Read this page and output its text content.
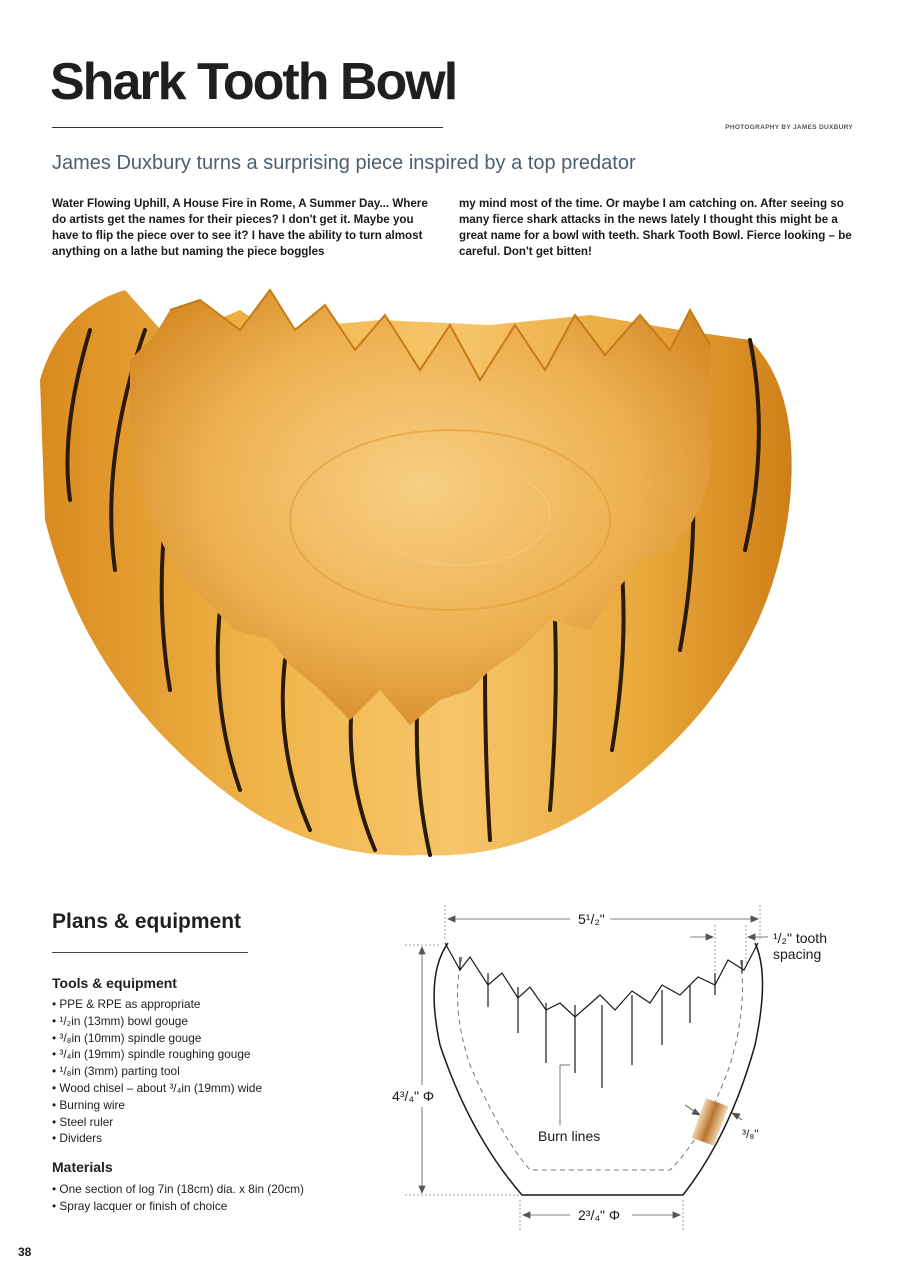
Shark Tooth Bowl
PHOTOGRAPHY BY JAMES DUXBURY
James Duxbury turns a surprising piece inspired by a top predator
Water Flowing Uphill, A House Fire in Rome, A Summer Day... Where do artists get the names for their pieces? I don't get it. Maybe you have to flip the piece over to see it? I have the ability to turn almost anything on a lathe but naming the piece boggles
my mind most of the time. Or maybe I am catching on. After seeing so many fierce shark attacks in the news lately I thought this might be a great name for a bowl with teeth. Shark Tooth Bowl. Fierce looking – be careful. Don't get bitten!
Plans & equipment
Tools & equipment
• PPE & RPE as appropriate
• ¹/₂in (13mm) bowl gouge
• ³/₈in (10mm) spindle gouge
• ³/₄in (19mm) spindle roughing gouge
• ¹/₈in (3mm) parting tool
• Wood chisel – about ³/₄in (19mm) wide
• Burning wire
• Steel ruler
• Dividers
Materials
• One section of log 7in (18cm) dia. x 8in (20cm)
• Spray lacquer or finish of choice
5¹/₂"
¹/₂" tooth
spacing
4³/₄" Φ
Burn lines	³/₈"
2³/₄" Φ
38
